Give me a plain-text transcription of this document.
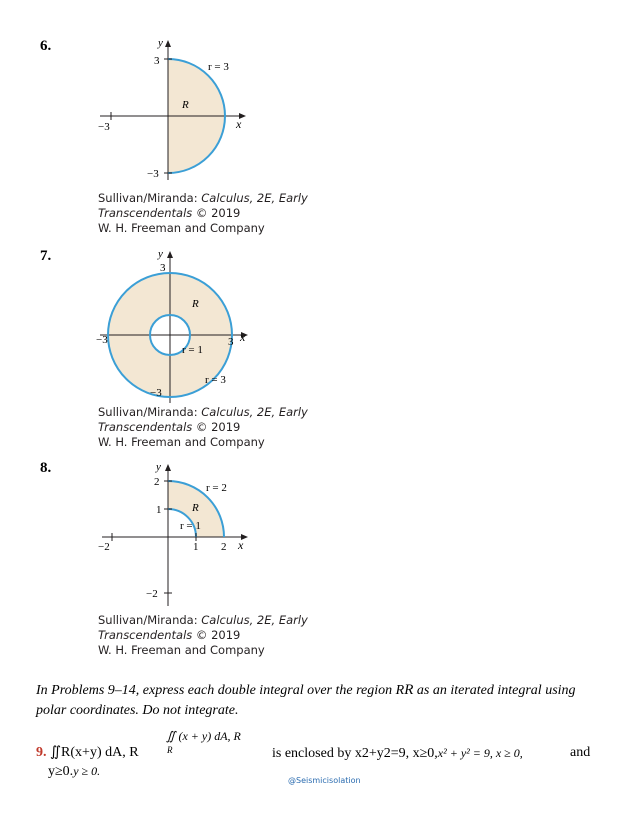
6.	y
3
−3
−3
x
r = 3
R
Sullivan/Miranda: Calculus, 2E, Early
Transcendentals © 2019
W. H. Freeman and Company
7.	y
3
−3	3
−3
x
R
r = 1
r = 3
Sullivan/Miranda: Calculus, 2E, Early
Transcendentals © 2019
W. H. Freeman and Company
8.	y
2
1
1 2
−2
−2
x
r = 2
R
r = 1
Sullivan/Miranda: Calculus, 2E, Early
Transcendentals © 2019
W. H. Freeman and Company
In Problems 9–14, express each double integral over the region RR as an iterated integral using polar coordinates. Do not integrate.
∬ (x + y) dA, R
R
9. ∬R(x+y) dA, R	is enclosed by x2+y2=9, x≥0,x² + y² = 9, x ≥ 0,	and
y≥0.y ≥ 0.
@Seismicisolation
